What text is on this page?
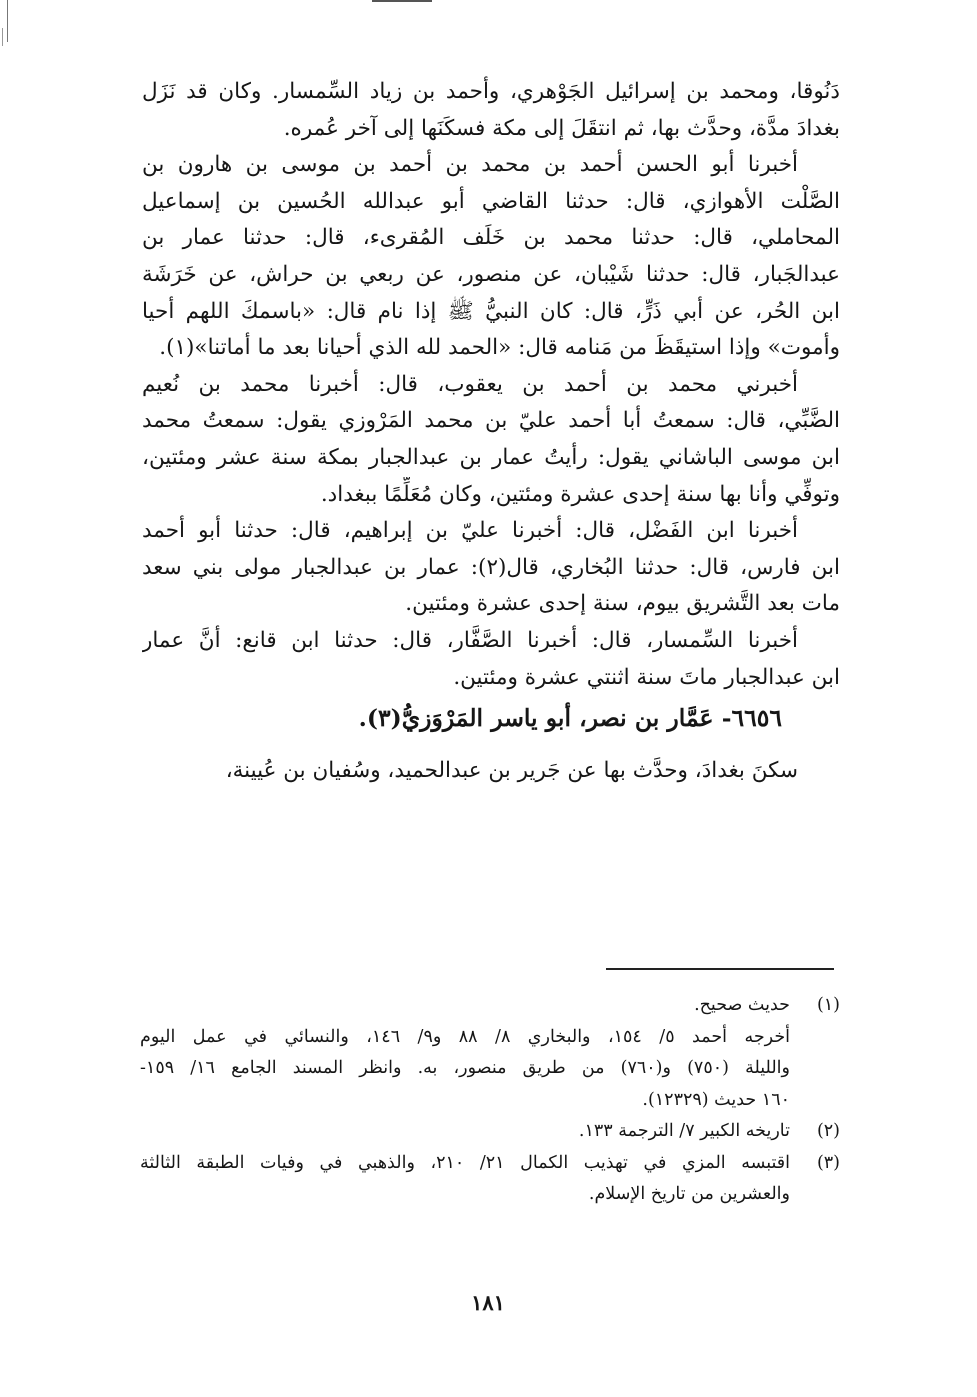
دَنُوقا، ومحمد بن إسرائيل الجَوْهري، وأحمد بن زياد السِّمسار. وكان قد نَزَل
بغدادَ مدَّة، وحدَّث بها، ثم انتقَلَ إلى مكة فسكَنَها إلى آخر عُمره.

أخبرنا أبو الحسن أحمد بن محمد بن أحمد بن موسى بن هارون بن
الصَّلْت الأهوازي، قال: حدثنا القاضي أبو عبدالله الحُسين بن إسماعيل
المحاملي، قال: حدثنا محمد بن خَلَف المُقرىء، قال: حدثنا عمار بن
عبدالجَبار، قال: حدثنا شَيْبان، عن منصور، عن ربعي بن حراش، عن خَرَشَة
ابن الحُر، عن أبي ذَرٍّ، قال: كان النبيُّ ﷺ إذا نام قال: «باسمكَ اللهم أحيا
وأموت» وإذا استيقَظَ من مَنامه قال: «الحمد لله الذي أحيانا بعد ما أماتنا»(١).

أخبرني محمد بن أحمد بن يعقوب، قال: أخبرنا محمد بن نُعيم
الضَّبِّي، قال: سمعتُ أبا أحمد عليّ بن محمد المَرْوزي يقول: سمعتُ محمد
ابن موسى الباشاني يقول: رأيتُ عمار بن عبدالجبار بمكة سنة عشر ومئتين،
وتوفِّي وأنا بها سنة إحدى عشرة ومئتين، وكان مُعَلِّمًا ببغداد.

أخبرنا ابن الفَضْل، قال: أخبرنا عليّ بن إبراهيم، قال: حدثنا أبو أحمد
ابن فارس، قال: حدثنا البُخاري، قال(٢): عمار بن عبدالجبار مولى بني سعد
مات بعد التَّشريق بيوم، سنة إحدى عشرة ومئتين.

أخبرنا السِّمسار، قال: أخبرنا الصَّفَّار، قال: حدثنا ابن قانع: أنَّ عمار
ابن عبدالجبار ماتَ سنة اثنتي عشرة ومئتين.

٦٦٥٦- عَمَّار بن نصر، أبو ياسر المَرْوَزيُّ(٣).

سكنَ بغدادَ، وحدَّث بها عن جَرير بن عبدالحميد، وسُفيان بن عُيينة،

(١)
حديث صحيح.
أخرجه أحمد ٥/ ١٥٤، والبخاري ٨/ ٨٨ و٩/ ١٤٦، والنسائي في عمل اليوم
والليلة (٧٥٠) و(٧٦٠) من طريق منصور، به. وانظر المسند الجامع ١٦/ ١٥٩-
١٦٠ حديث (١٢٣٢٩).
(٢)
تاريخه الكبير ٧/ الترجمة ١٣٣.
(٣)
اقتبسه المزي في تهذيب الكمال ٢١/ ٢١٠، والذهبي في وفيات الطبقة الثالثة
والعشرين من تاريخ الإسلام.
١٨١
